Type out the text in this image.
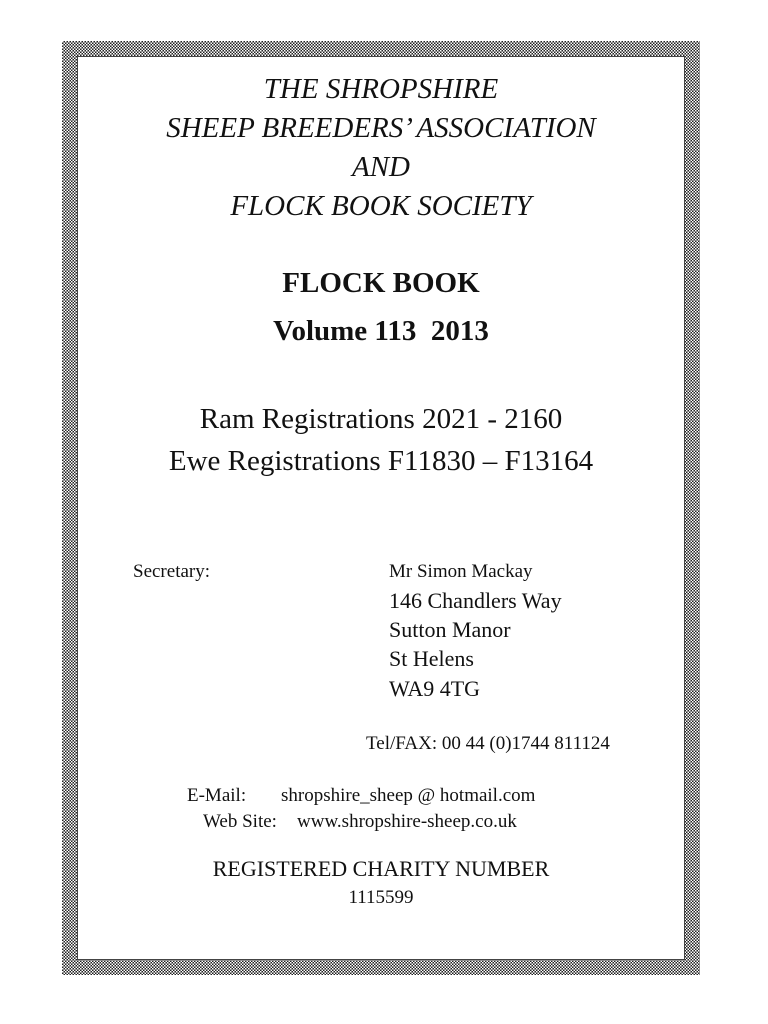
THE SHROPSHIRE
SHEEP BREEDERS’ ASSOCIATION
AND
FLOCK BOOK SOCIETY
FLOCK BOOK
Volume 113 2013
Ram Registrations 2021 - 2160
Ewe Registrations F11830 – F13164
Secretary:	Mr Simon Mackay
146 Chandlers Way
Sutton Manor
St Helens
WA9 4TG
Tel/FAX: 00 44 (0)1744 811124
E-Mail: shropshire_sheep @ hotmail.com
Web Site: www.shropshire-sheep.co.uk
REGISTERED CHARITY NUMBER
1115599
